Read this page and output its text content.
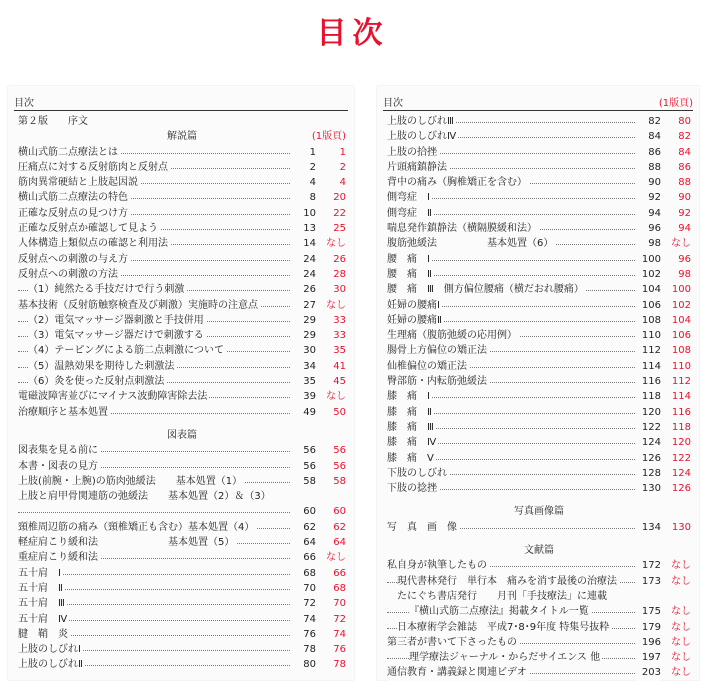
目次
目次
第２版　　序文
解説篇	(1版頁)
横山式筋二点療法とは	1	1
圧痛点に対する反射筋肉と反射点	2	2
筋肉異常硬結と上肢起因説	4	4
横山式筋二点療法の特色	8	20
正確な反射点の見つけ方	10	22
正確な反射点か確認して見よう	13	25
人体構造上類似点の確認と利用法	14	なし
反射点への刺激の与え方	24	26
反射点への刺激の方法	24	28
（1）純然たる手技だけで行う刺激	26	30
基本技術（反射筋触察検査及び刺激）実施時の注意点	27	なし
（2）電気マッサージ器刺激と手技併用	29	33
（3）電気マッサージ器だけで刺激する	29	33
（4）テーピングによる筋二点刺激について	30	35
（5）温熱効果を期待した刺激法	34	41
（6）灸を使った反射点刺激法	35	45
電磁波障害並びにマイナス波動障害除去法	39	なし
治療順序と基本処置	49	50
図表篇
図表集を見る前に	56	56
本書・図表の見方	56	56
上肢(前腕・上腕)の筋肉弛緩法　　基本処置（1）	58	58
上肢と肩甲骨関連筋の弛緩法　　基本処置（2）＆（3）
60	60
頸椎周辺筋の痛み（頸椎矯正も含む）基本処置（4）	62	62
軽症肩こり緩和法　　　　　　　基本処置（5）	64	64
重症肩こり緩和法	66	なし
五十肩　Ⅰ	68	66
五十肩　Ⅱ	70	68
五十肩　Ⅲ	72	70
五十肩　Ⅳ	74	72
腱　鞘　炎	76	74
上肢のしびれⅠ	78	76
上肢のしびれⅡ	80	78
目次	(1版頁)
上肢のしびれⅢ	82	80
上肢のしびれⅣ	84	82
上肢の拾挫	86	84
片頭痛鎮静法	88	86
背中の痛み（胸椎矯正を含む）	90	88
側弯症　Ⅰ	92	90
側弯症　Ⅱ	94	92
喘息発作鎮静法（横隔膜緩和法）	96	94
腹筋弛緩法　　　　　基本処置（6）	98	なし
腰　痛　Ⅰ	100	96
腰　痛　Ⅱ	102	98
腰　痛　Ⅲ　側方偏位腰痛（横だおれ腰痛）	104	100
妊婦の腰痛Ⅰ	106	102
妊婦の腰痛Ⅱ	108	104
生理痛（腹筋弛緩の応用例）	110	106
腸骨上方偏位の矯正法	112	108
仙椎偏位の矯正法	114	110
臀部筋・内転筋弛緩法	116	112
膝　痛　Ⅰ	118	114
膝　痛　Ⅱ	120	116
膝　痛　Ⅲ	122	118
膝　痛　Ⅳ	124	120
膝　痛　Ⅴ	126	122
下肢のしびれ	128	124
下肢の捻挫	130	126
写真画像篇
写　真　画　像	134	130
文献篇
私自身が執筆したもの	172	なし
現代書林発行　単行本　痛みを消す最後の治療法	173	なし
たにぐち書店発行　　月刊「手技療法」に連載
『横山式筋二点療法』掲載タイトル一覧	175	なし
日本療術学会雑誌　平成7･8･9年度 特集号抜粋	179	なし
第三者が書いて下さったもの	196	なし
理学療法ジャーナル・からだサイエンス 他	197	なし
通信教育・講義録と関連ビデオ	203	なし
